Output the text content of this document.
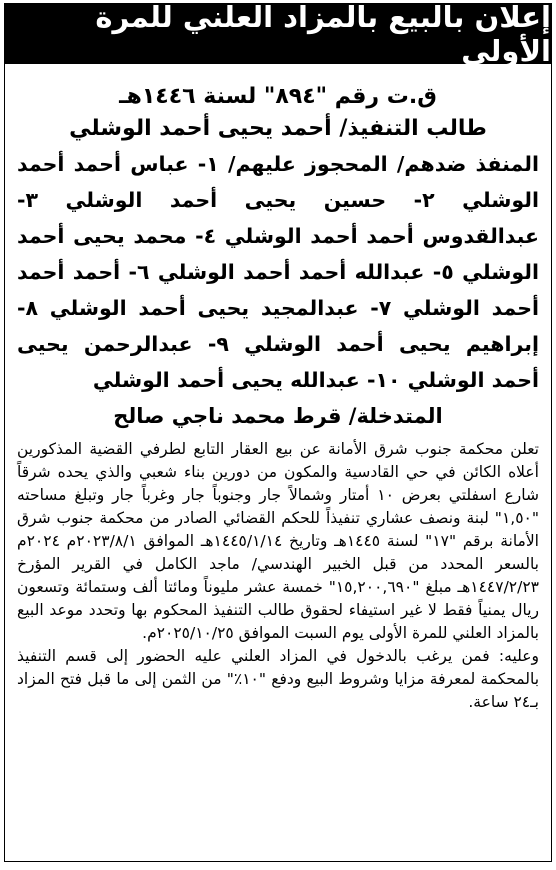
إعلان بالبيع بالمزاد العلني للمرة الأولى
ق.ت رقم "٨٩٤" لسنة ١٤٤٦هـ
طالب التنفيذ/ أحمد يحيى أحمد الوشلي
المنفذ ضدهم/ المحجوز عليهم/ ١- عباس أحمد أحمد الوشلي ٢- حسين يحيى أحمد الوشلي ٣- عبدالقدوس أحمد أحمد الوشلي ٤- محمد يحيى أحمد الوشلي ٥- عبدالله أحمد أحمد الوشلي ٦- أحمد أحمد أحمد الوشلي ٧- عبدالمجيد يحيى أحمد الوشلي ٨- إبراهيم يحيى أحمد الوشلي ٩- عبدالرحمن يحيى أحمد الوشلي ١٠- عبدالله يحيى أحمد الوشلي
المتدخلة/ قرط محمد ناجي صالح

تعلن محكمة جنوب شرق الأمانة عن بيع العقار التابع لطرفي القضية المذكورين أعلاه الكائن في حي القادسية والمكون من دورين بناء شعبي والذي يحده شرقاً شارع اسفلتي بعرض ١٠ أمتار وشمالاً جار وجنوباً جار وغرباً جار وتبلغ مساحته "١,٥٠" لبنة ونصف عشاري تنفيذاً للحكم القضائي الصادر من محكمة جنوب شرق الأمانة برقم "١٧" لسنة ١٤٤٥هـ وتاريخ ١٤٤٥/١/١٤هـ الموافق ٢٠٢٣/٨/١م ٢٠٢٤م بالسعر المحدد من قبل الخبير الهندسي/ ماجد الكامل في القرير المؤرخ ١٤٤٧/٢/٢٣هـ مبلغ "١٥,٢٠٠,٦٩٠" خمسة عشر مليوناً ومائتا ألف وستمائة وتسعون ريال يمنياً فقط لا غير استيفاء لحقوق طالب التنفيذ المحكوم بها وتحدد موعد البيع بالمزاد العلني للمرة الأولى يوم السبت الموافق ٢٠٢٥/١٠/٢٥م.

وعليه: فمن يرغب بالدخول في المزاد العلني عليه الحضور إلى قسم التنفيذ بالمحكمة لمعرفة مزايا وشروط البيع ودفع "١٠٪" من الثمن إلى ما قبل فتح المزاد بـ٢٤ ساعة.
